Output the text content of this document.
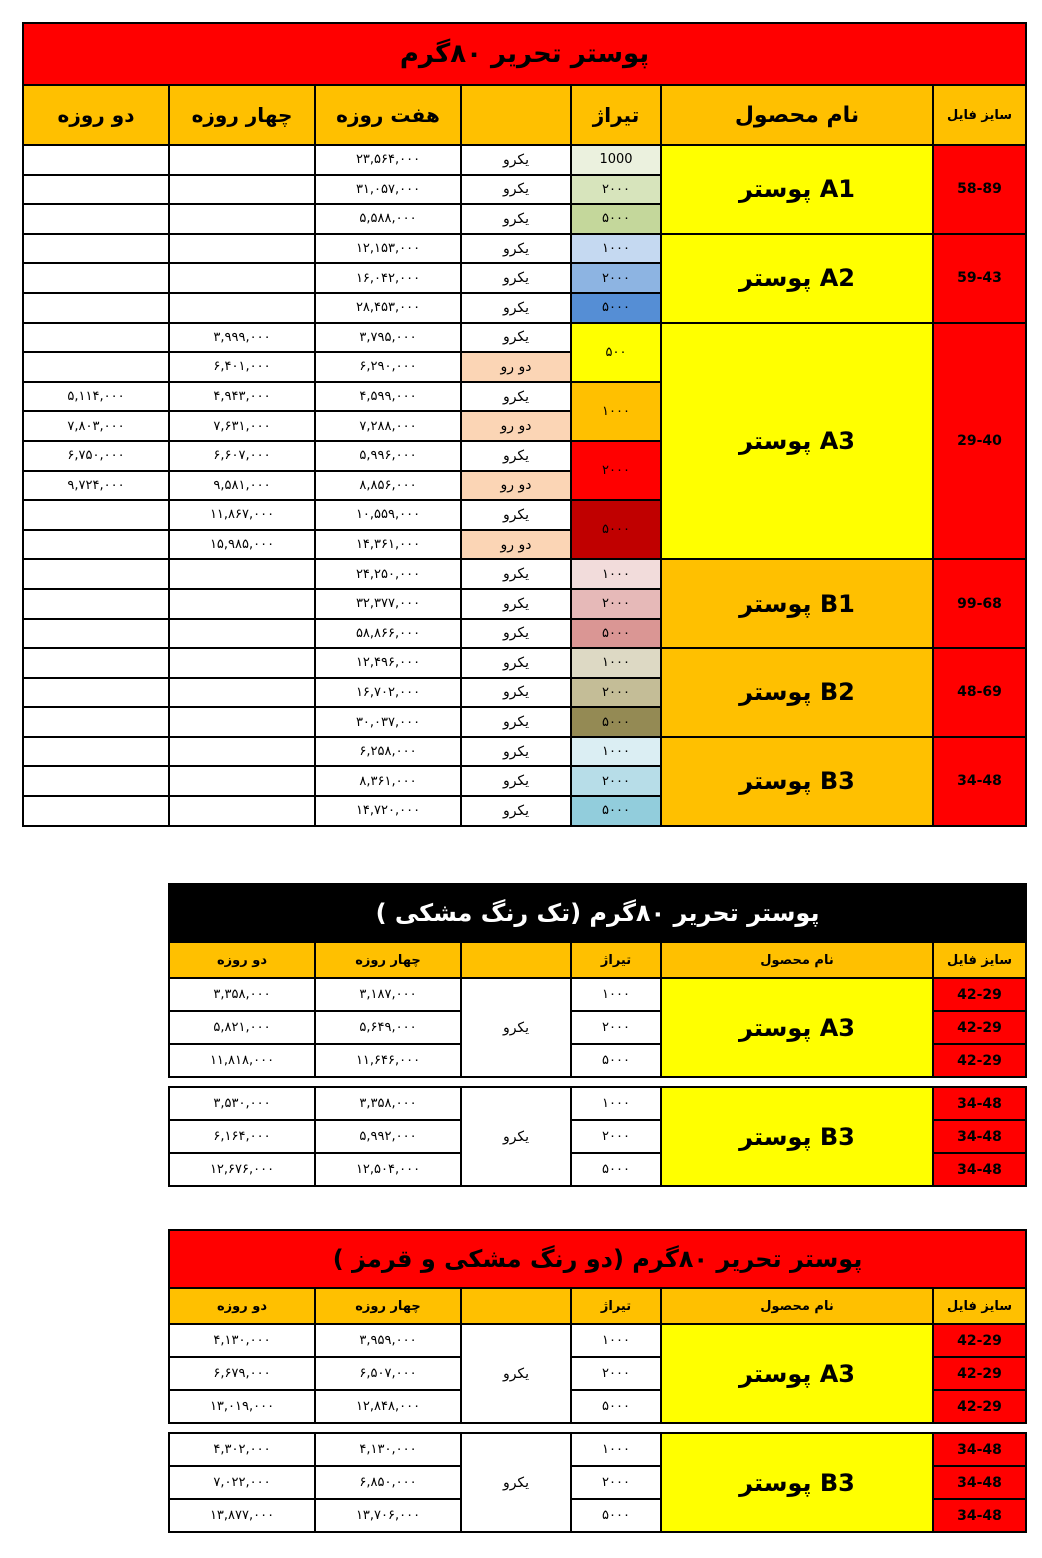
پوستر تحریر ۸۰گرم						
دو روزه	چهار روزه	هفت روزه		تیراژ	نام محصول	سایز فایل
		۲۳,۵۶۴,۰۰۰	یکرو	1000	پوستر A1	58-89
		۳۱,۰۵۷,۰۰۰	یکرو	۲۰۰۰		
		۵,۵۸۸,۰۰۰	یکرو	۵۰۰۰		
		۱۲,۱۵۳,۰۰۰	یکرو	۱۰۰۰	پوستر A2	59-43
		۱۶,۰۴۲,۰۰۰	یکرو	۲۰۰۰		
		۲۸,۴۵۳,۰۰۰	یکرو	۵۰۰۰		
	۳,۹۹۹,۰۰۰	۳,۷۹۵,۰۰۰	یکرو	۵۰۰	پوستر A3	29-40
	۶,۴۰۱,۰۰۰	۶,۲۹۰,۰۰۰	دو رو			
۵,۱۱۴,۰۰۰	۴,۹۴۳,۰۰۰	۴,۵۹۹,۰۰۰	یکرو	۱۰۰۰		
۷,۸۰۳,۰۰۰	۷,۶۳۱,۰۰۰	۷,۲۸۸,۰۰۰	دو رو			
۶,۷۵۰,۰۰۰	۶,۶۰۷,۰۰۰	۵,۹۹۶,۰۰۰	یکرو	۲۰۰۰		
۹,۷۲۴,۰۰۰	۹,۵۸۱,۰۰۰	۸,۸۵۶,۰۰۰	دو رو			
	۱۱,۸۶۷,۰۰۰	۱۰,۵۵۹,۰۰۰	یکرو	۵۰۰۰		
	۱۵,۹۸۵,۰۰۰	۱۴,۳۶۱,۰۰۰	دو رو			
		۲۴,۲۵۰,۰۰۰	یکرو	۱۰۰۰	پوستر B1	99-68
		۳۲,۳۷۷,۰۰۰	یکرو	۲۰۰۰		
		۵۸,۸۶۶,۰۰۰	یکرو	۵۰۰۰		
		۱۲,۴۹۶,۰۰۰	یکرو	۱۰۰۰	پوستر B2	48-69
		۱۶,۷۰۲,۰۰۰	یکرو	۲۰۰۰		
		۳۰,۰۳۷,۰۰۰	یکرو	۵۰۰۰		
		۶,۲۵۸,۰۰۰	یکرو	۱۰۰۰	پوستر B3	34-48
		۸,۳۶۱,۰۰۰	یکرو	۲۰۰۰		
		۱۴,۷۲۰,۰۰۰	یکرو	۵۰۰۰		
پوستر تحریر ۸۰گرم (تک رنگ مشکی )					
دو روزه	چهار روزه		تیراژ	نام محصول	سایز فایل
۳,۳۵۸,۰۰۰	۳,۱۸۷,۰۰۰	یکرو	۱۰۰۰	پوستر A3	42-29
۵,۸۲۱,۰۰۰	۵,۶۴۹,۰۰۰		۲۰۰۰		42-29
۱۱,۸۱۸,۰۰۰	۱۱,۶۴۶,۰۰۰		۵۰۰۰		42-29

۳,۵۳۰,۰۰۰	۳,۳۵۸,۰۰۰	یکرو	۱۰۰۰	پوستر B3	34-48
۶,۱۶۴,۰۰۰	۵,۹۹۲,۰۰۰		۲۰۰۰		34-48
۱۲,۶۷۶,۰۰۰	۱۲,۵۰۴,۰۰۰		۵۰۰۰		34-48
پوستر تحریر ۸۰گرم (دو رنگ مشکی و قرمز )					
دو روزه	چهار روزه		تیراژ	نام محصول	سایز فایل
۴,۱۳۰,۰۰۰	۳,۹۵۹,۰۰۰	یکرو	۱۰۰۰	پوستر A3	42-29
۶,۶۷۹,۰۰۰	۶,۵۰۷,۰۰۰		۲۰۰۰		42-29
۱۳,۰۱۹,۰۰۰	۱۲,۸۴۸,۰۰۰		۵۰۰۰		42-29

۴,۳۰۲,۰۰۰	۴,۱۳۰,۰۰۰	یکرو	۱۰۰۰	پوستر B3	34-48
۷,۰۲۲,۰۰۰	۶,۸۵۰,۰۰۰		۲۰۰۰		34-48
۱۳,۸۷۷,۰۰۰	۱۳,۷۰۶,۰۰۰		۵۰۰۰		34-48
